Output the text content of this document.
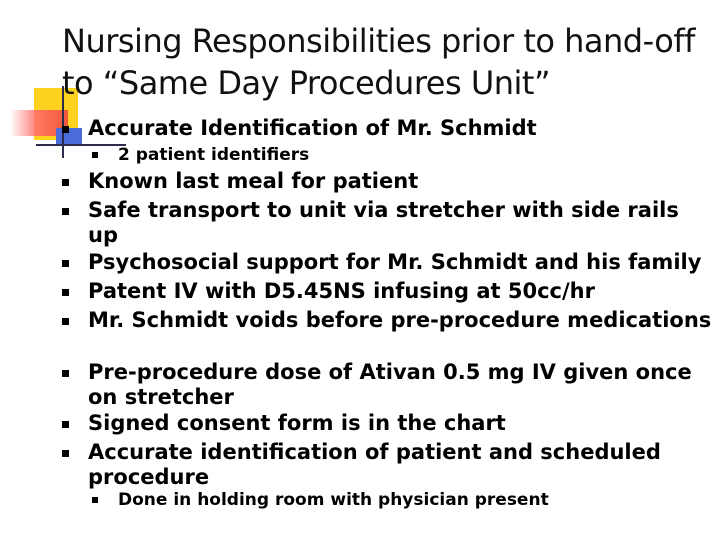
Nursing Responsibilities prior to hand-off to “Same Day Procedures Unit”
Accurate Identification of Mr. Schmidt
2 patient identifiers
Known last meal for patient
Safe transport to unit via stretcher with side rails up
Psychosocial support for Mr. Schmidt and his family
Patent IV with D5.45NS infusing at 50cc/hr
Mr. Schmidt voids before pre-procedure medications
Pre-procedure dose of Ativan 0.5 mg IV given once on stretcher
Signed consent form is in the chart
Accurate identification of patient and scheduled procedure
Done in holding room with physician present
